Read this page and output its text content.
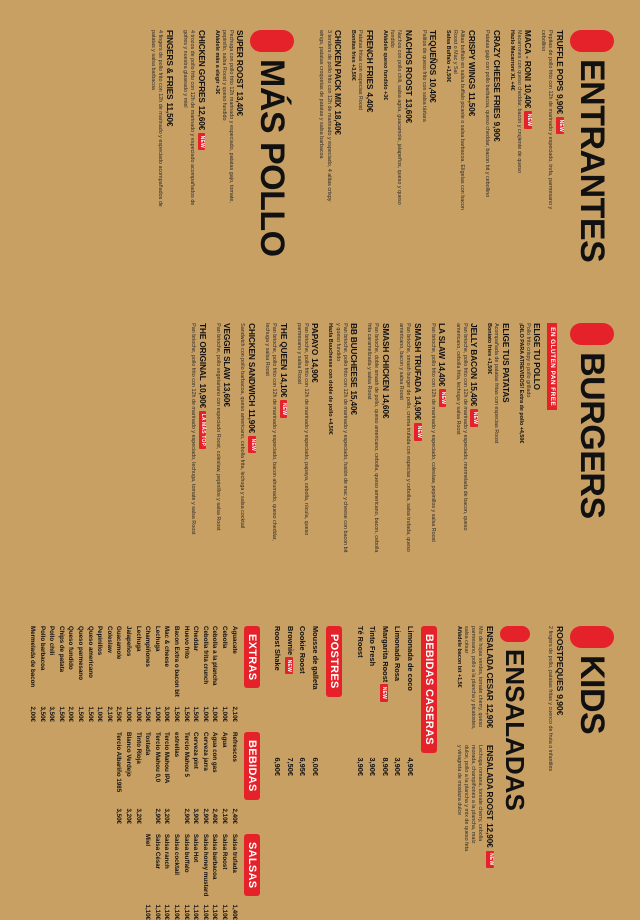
ENTRANTES
TRUFFLE POPS
9,90€
NEW
Pepitas de pollo frito con 12h de marinado y especiado, trufa, parmesano y cebollino
MACA - RONI
10,40€
NEW
Macarrones con queso cheddar, bacon y crujiente de queso
Hazlo Macarroni XL +4€
CRAZY CHEESE FRIES
9,90€
Patatas gajo con pollo barbacoa, queso cheddar, bacon bit y cebollino
CRISPY WINGS
11,50€
Alitas buffalo en salsa buffalo picante o salsa barbacoa. Elígelas con bacon Roost o Mac y Sal
Salsa Buffalo +1,50€
TEQUEÑOS
10,40€
Palitos de queso frito con salsa tártara
NACHOS ROOST
13,60€
Nachos con pollo chili, salsa agria, guacamole, jalapeños, queso y queso fundido
Añádele queso fundido +3€
FRENCH FRIES
4,40€
Patatas fritas con especias Roost
Bonitas fries +3,50€
CHICKEN PACK MIX
18,40€
3 tenders de pollo frito con 12h de marinado y especiado, 4 alitas crispy wings, patatas croquetas de patatas y salsa barbacoa
MÁS POLLO
SUPER ROOST
13,40€
Pechuga con pollo frito 12h marinado y especiado, patatas gajo, tomate, pepinillo, salsa Roost y queso fundido
Añádele más a elegir +3€
CHICKEN GOFRES
12,60€
NEW
4 trozos de pollo frito con 12h de marinado y especiado acompañados de gofres y nuestra glaseado y miel
FINGERS & FRIES
11,50€
4 fingers de pollo frito con 12h de marinado y especiado acompañados de patatas y salsa barbacoa
BURGERS
EN GLUTEN PAN FREE
ELIGE TU POLLO
Pollo frito crispy o pollo grillado
¡DILO PARA ATREVIDOS! Extra de pollo +4,50€
ELIGE TUS PATATAS
Acompañada de patatas fritas con especias Roost
Boniato fries +1,50€
JELLY BACON
15,40€
NEW
Pan brioche, pollo frito con 12h de marinado y especiado, mermelada de bacon, queso americano, cebolla frita, lechuga y salsa Roost
LA SLAW
14,40€
NEW
Pan brioche, pollo frito con 12h de marinado y especiado, coleslaw, pepinillos y salsa Roost
SMASH TRUFADA
14,90€
NEW
Pan brioche, smash burger de pollo, crema trufada con especias y cebolla, salsa trufada, queso americano, bacon y salsa Roost
SMASH CHICKEN
14,60€
Pan brioche, doble smash de pollo, queso americano, cebolla, queso americano, bacon, cebolla frita caramelizada y salsa Roost
BB BUUCHEESE
15,40€
Pan brioche, pollo frito con 12h de marinado y especiado, fusión de mac y cheese con bacon bit y queso fundido
Hazla Buuchesse con doble de pollo +4,50€
PAPAYO
14,90€
Pan brioche, pollo frito con 12h de marinado y especiado, papaya, cebolla, rúcula, queso parmesano y salsa Roost
THE QUEEN
14,10€
NEW
Pan brioche, pollo frito con 12h de marinado y especiado, bacon ahumado, queso cheddar, lechuga y salsa Roost
CHICKEN SANDWICH
11,90€
NEW
Sandwich con pollo barbacoa, queso americano, cebolla frita, lechuga y salsa cocktail
VEGGIE SLAW
13,60€
Pan brioche, pollo vegetariano con especiado Roost, coleslaw, pepinillos y salsa Roost
THE ORIGINAL
10,90€
LA MÁS TOP
Pan brioche, pollo frito con 12h de marinado y especiado, lechuga, tomate y salsa Roost
KIDS
ROOSTPEQUES
9,90€
2 fingers de pollo, patatas fritas y cuenco de fruta o infantiles
ENSALADAS
ENSALADA CESAR
12,90€
Mix de hojas verdes, tomate cherry, queso parmesano, pollo a la plancha y picatostes, salsa césar
Añádele bacon bit +1,5€
ENSALADA ROOST
12,90€
NEW
Lechuga romana, tomate cherry, cebolla morada, champiñones a la plancha, maíz dulce, pollo a la plancha y mix de queso feta y vinagreta de mostaza dulce
BEBIDAS CASERAS
Limonada de coco
4,90€
Limonada Rosa
3,90€
Margarita Roost NEW
8,90€
Tinto Fresh
3,90€
Té Roost
3,90€
POSTRES
Mousse de galleta
6,00€
Cookie Roost
6,95€
Brownie NEW
7,50€
Roost Shake
6,90€
EXTRAS
Aguacate
2,10€
Cebolla
1,00€
Cebolla a la plancha
1,00€
Cebolla frita crunch
1,00€
Cheddar
1,50€
Huevo frito
1,50€
Bacon Extra o bacon bit
1,50€
Mac & cheese
3,00€
Lechuga
1,00€
Champiñones
1,50€
Lechuga
1,00€
Jalapeños
1,00€
Guacamole
2,50€
Coleslaw
2,10€
Pepinillos
1,00€
Queso americano
1,50€
Queso parmesano
1,50€
Queso fundido
2,00€
Chips de patata
1,50€
Pollo chili
3,50€
Pollo barbacoa
3,50€
Mermelada de bacon
2,00€
BEBIDAS
Refrescos
2,40€
Agua
2,10€
Agua con gas
2,40€
Cerveza jarra
2,90€
Cerveza pint
3,90€
Tercio Mahou 5 estrellas
2,90€
Tercio Mahou IPA
3,20€
Tercio Mahou 0,0 Tostada
2,90€
Tinto Rioja
3,20€
Blanco Verdejo
3,20€
Tercio Albariño 1985
3,50€
SALSAS
Salsa trufada
1,40€
Salsa Roost
1,10€
Salsa barbacoa
1,10€
Salsa honey mustard
1,10€
Salsa Hot
1,10€
Salsa buffalo
1,10€
Salsa cocktail
1,10€
Salsa ranch
1,10€
Salsa César
1,10€
Miel
1,10€
